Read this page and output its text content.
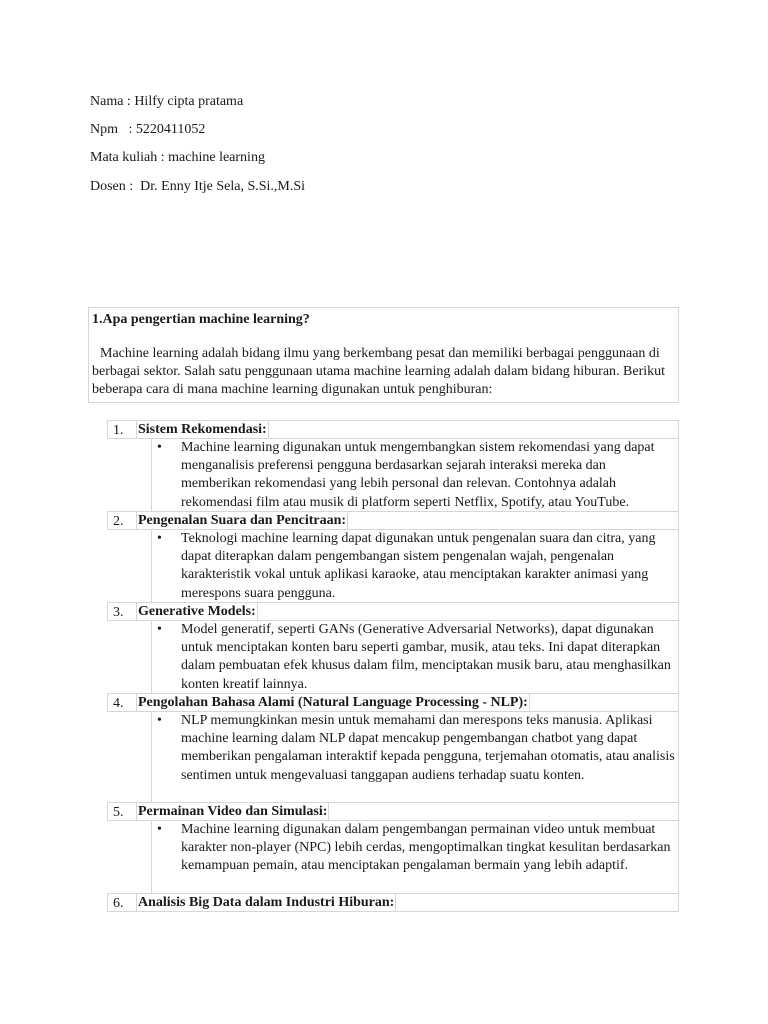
Nama : Hilfy cipta pratama
Npm   : 5220411052
Mata kuliah : machine learning
Dosen :  Dr. Enny Itje Sela, S.Si.,M.Si
1.Apa pengertian machine learning?
Machine learning adalah bidang ilmu yang berkembang pesat dan memiliki berbagai penggunaan di berbagai sektor. Salah satu penggunaan utama machine learning adalah dalam bidang hiburan. Berikut beberapa cara di mana machine learning digunakan untuk penghiburan:
1. Sistem Rekomendasi:
• Machine learning digunakan untuk mengembangkan sistem rekomendasi yang dapat menganalisis preferensi pengguna berdasarkan sejarah interaksi mereka dan memberikan rekomendasi yang lebih personal dan relevan. Contohnya adalah rekomendasi film atau musik di platform seperti Netflix, Spotify, atau YouTube.
2. Pengenalan Suara dan Pencitraan:
• Teknologi machine learning dapat digunakan untuk pengenalan suara dan citra, yang dapat diterapkan dalam pengembangan sistem pengenalan wajah, pengenalan karakteristik vokal untuk aplikasi karaoke, atau menciptakan karakter animasi yang merespons suara pengguna.
3. Generative Models:
• Model generatif, seperti GANs (Generative Adversarial Networks), dapat digunakan untuk menciptakan konten baru seperti gambar, musik, atau teks. Ini dapat diterapkan dalam pembuatan efek khusus dalam film, menciptakan musik baru, atau menghasilkan konten kreatif lainnya.
4. Pengolahan Bahasa Alami (Natural Language Processing - NLP):
• NLP memungkinkan mesin untuk memahami dan merespons teks manusia. Aplikasi machine learning dalam NLP dapat mencakup pengembangan chatbot yang dapat memberikan pengalaman interaktif kepada pengguna, terjemahan otomatis, atau analisis sentimen untuk mengevaluasi tanggapan audiens terhadap suatu konten.
5. Permainan Video dan Simulasi:
• Machine learning digunakan dalam pengembangan permainan video untuk membuat karakter non-player (NPC) lebih cerdas, mengoptimalkan tingkat kesulitan berdasarkan kemampuan pemain, atau menciptakan pengalaman bermain yang lebih adaptif.
6. Analisis Big Data dalam Industri Hiburan:
